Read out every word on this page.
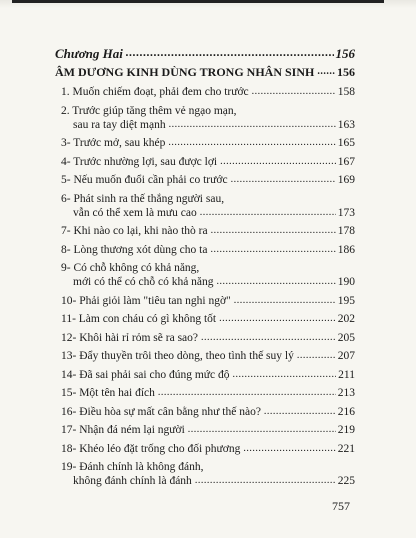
Chương Hai .....	156
ÂM DƯƠNG KINH DÙNG TRONG NHÂN SINH ..... 156
1. Muốn chiếm đoạt, phải đem cho trước .....	158
2. Trước giúp tăng thêm vẻ ngạo mạn,
sau ra tay diệt mạnh .....	163
3- Trước mở, sau khép .....	165
4- Trước nhường lợi, sau được lợi .....	167
5- Nếu muốn đuổi cần phải co trước .....	169
6- Phát sinh ra thế thắng người sau,
vẫn có thể xem là mưu cao .....	173
7- Khi nào co lại, khi nào thò ra .....	178
8- Lòng thương xót dùng cho ta .....	186
9- Có chỗ không có khả năng,
mới có thể có chỗ có khả năng .....	190
10- Phải giỏi làm "tiêu tan nghi ngờ" .....	195
11- Làm con cháu có gì không tốt .....	202
12- Khôi hài rỉ rỏm sẽ ra sao? .....	205
13- Đẩy thuyền trôi theo dòng, theo tình thế suy lý .....	207
14- Đã sai phải sai cho đúng mức độ .....	211
15- Một tên hai đích .....	213
16- Điều hòa sự mất cân bằng như thế nào? .....	216
17- Nhận đá ném lại người .....	219
18- Khéo léo đặt trống cho đối phương .....	221
19- Đánh chính là không đánh,
không đánh chính là đánh .....	225
757
